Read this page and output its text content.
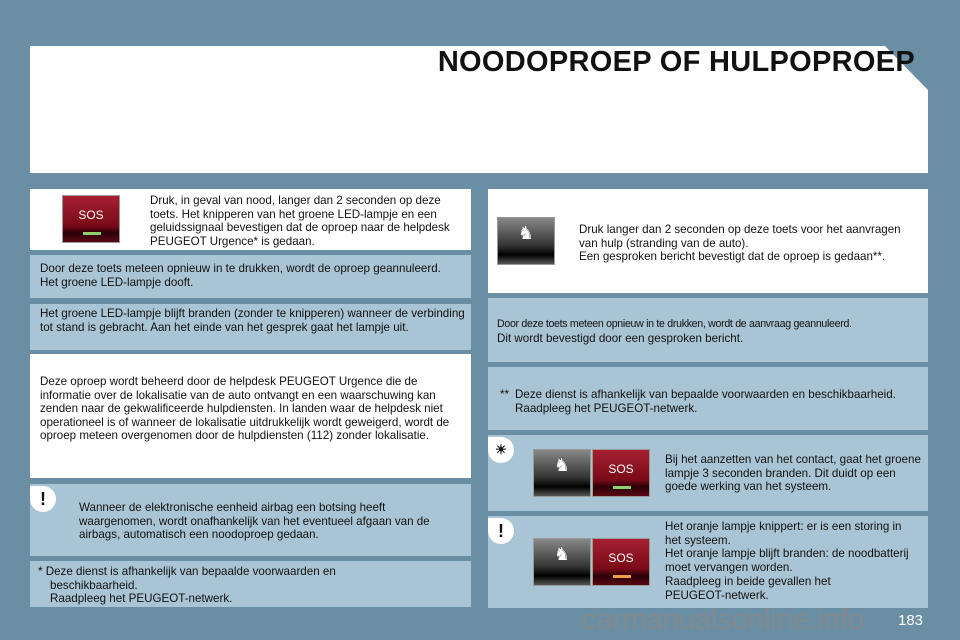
NOODOPROEP OF HULPOPROEP
SOS
Druk, in geval van nood, langer dan 2 seconden op deze toets. Het knipperen van het groene LED-lampje en een geluidssignaal bevestigen dat de oproep naar de helpdesk PEUGEOT Urgence* is gedaan.
Door deze toets meteen opnieuw in te drukken, wordt de oproep geannuleerd. Het groene LED-lampje dooft.
Het groene LED-lampje blijft branden (zonder te knipperen) wanneer de verbinding tot stand is gebracht. Aan het einde van het gesprek gaat het lampje uit.
Deze oproep wordt beheerd door de helpdesk PEUGEOT Urgence die de informatie over de lokalisatie van de auto ontvangt en een waarschuwing kan zenden naar de gekwalificeerde hulpdiensten. In landen waar de helpdesk niet operationeel is of wanneer de lokalisatie uitdrukkelijk wordt geweigerd, wordt de oproep meteen overgenomen door de hulpdiensten (112) zonder lokalisatie.
!	Wanneer de elektronische eenheid airbag een botsing heeft waargenomen, wordt onafhankelijk van het eventueel afgaan van de airbags, automatisch een noodoproep gedaan.
* Deze dienst is afhankelijk van bepaalde voorwaarden en beschikbaarheid.
Raadpleeg het PEUGEOT-netwerk.
♞	Druk langer dan 2 seconden op deze toets voor het aanvragen van hulp (stranding van de auto).
Een gesproken bericht bevestigt dat de oproep is gedaan**.
Door deze toets meteen opnieuw in te drukken, wordt de aanvraag geannuleerd.
Dit wordt bevestigd door een gesproken bericht.
** Deze dienst is afhankelijk van bepaalde voorwaarden en beschikbaarheid. Raadpleeg het PEUGEOT-netwerk.
☀
♞	SOS
Bij het aanzetten van het contact, gaat het groene lampje 3 seconden branden. Dit duidt op een goede werking van het systeem.
!
♞	SOS
Het oranje lampje knippert: er is een storing in het systeem.
Het oranje lampje blijft branden: de noodbatterij moet vervangen worden.
Raadpleeg in beide gevallen het PEUGEOT-netwerk.
carmanualsonline.info 183
